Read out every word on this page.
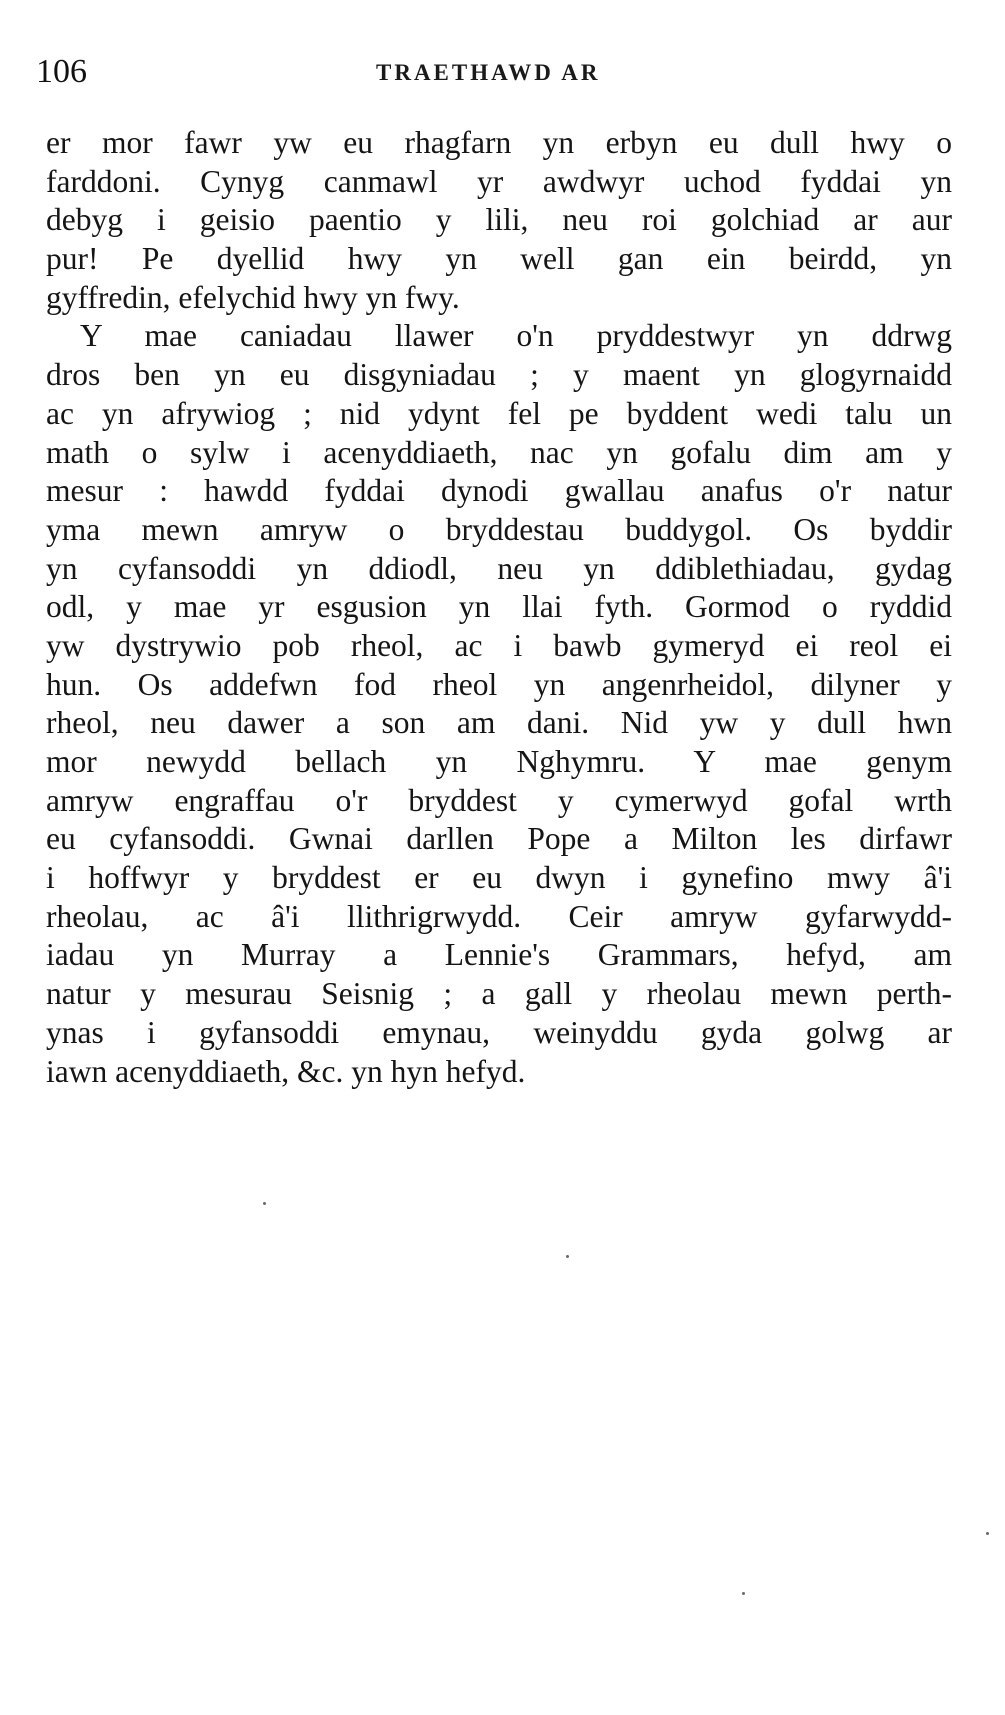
106	TRAETHAWD AR
er mor fawr yw eu rhagfarn yn erbyn eu dull hwy o
farddoni. Cynyg canmawl yr awdwyr uchod fyddai yn
debyg i geisio paentio y lili, neu roi golchiad ar aur
pur! Pe dyellid hwy yn well gan ein beirdd, yn
gyffredin, efelychid hwy yn fwy.
Y mae caniadau llawer o'n pryddestwyr yn ddrwg
dros ben yn eu disgyniadau ; y maent yn glogyrnaidd
ac yn afrywiog ; nid ydynt fel pe byddent wedi talu un
math o sylw i acenyddiaeth, nac yn gofalu dim am y
mesur : hawdd fyddai dynodi gwallau anafus o'r natur
yma mewn amryw o bryddestau buddygol. Os byddir
yn cyfansoddi yn ddiodl, neu yn ddiblethiadau, gydag
odl, y mae yr esgusion yn llai fyth. Gormod o ryddid
yw dystrywio pob rheol, ac i bawb gymeryd ei reol ei
hun. Os addefwn fod rheol yn angenrheidol, dilyner y
rheol, neu dawer a son am dani. Nid yw y dull hwn
mor newydd bellach yn Nghymru. Y mae genym
amryw engraffau o'r bryddest y cymerwyd gofal wrth
eu cyfansoddi. Gwnai darllen Pope a Milton les dirfawr
i hoffwyr y bryddest er eu dwyn i gynefino mwy â'i
rheolau, ac â'i llithrigrwydd. Ceir amryw gyfarwydd-
iadau yn Murray a Lennie's Grammars, hefyd, am
natur y mesurau Seisnig ; a gall y rheolau mewn perth-
ynas i gyfansoddi emynau, weinyddu gyda golwg ar
iawn acenyddiaeth, &c. yn hyn hefyd.
